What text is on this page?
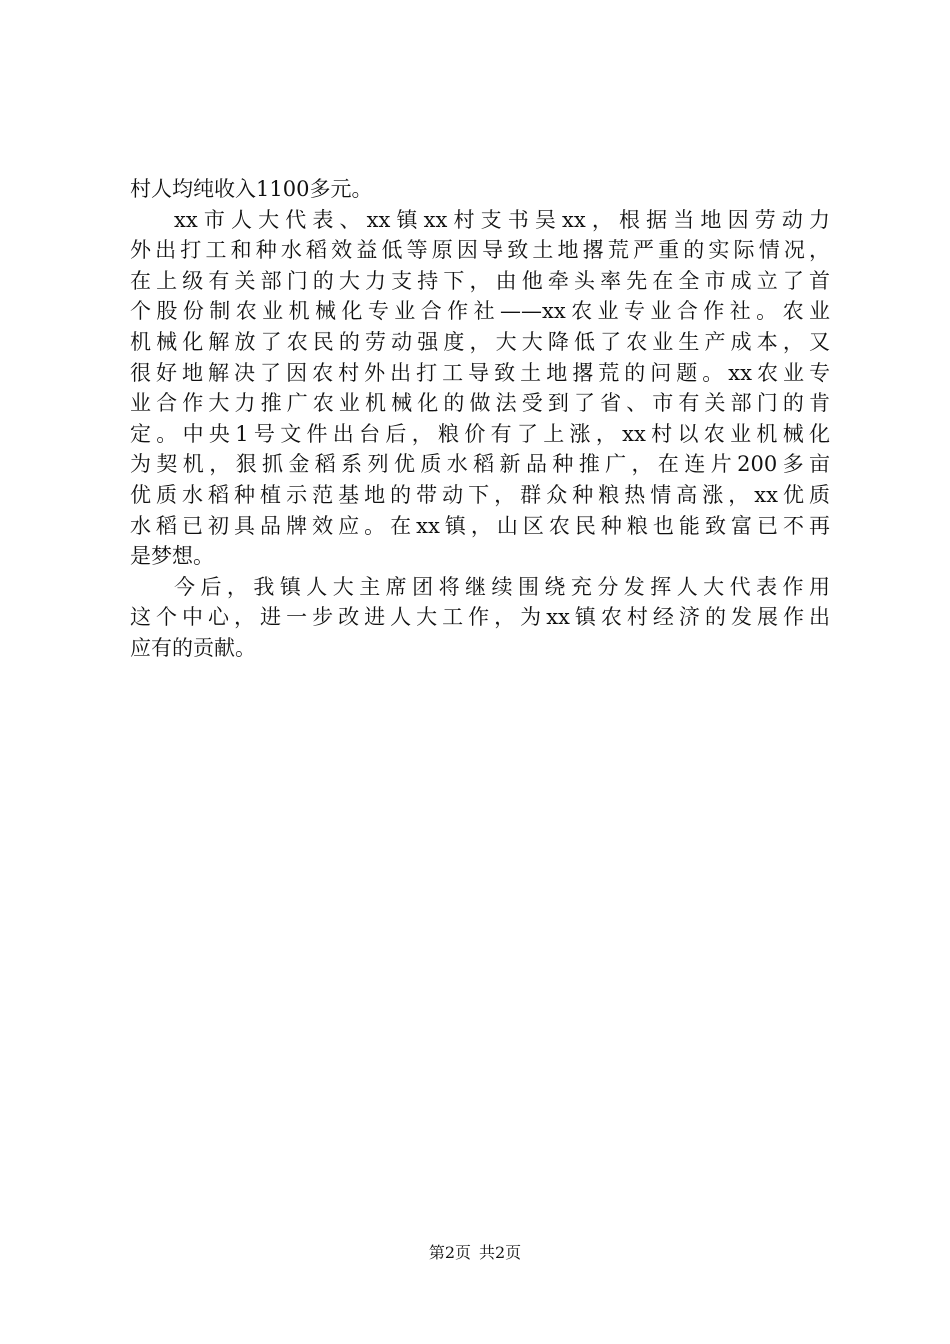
村人均纯收入1100多元。
xx市人大代表、xx镇xx村支书吴xx，根据当地因劳动力
外出打工和种水稻效益低等原因导致土地撂荒严重的实际情况，
在上级有关部门的大力支持下，由他牵头率先在全市成立了首
个股份制农业机械化专业合作社——xx农业专业合作社。农业
机械化解放了农民的劳动强度，大大降低了农业生产成本，又
很好地解决了因农村外出打工导致土地撂荒的问题。xx农业专
业合作大力推广农业机械化的做法受到了省、市有关部门的肯
定。中央1号文件出台后，粮价有了上涨，xx村以农业机械化
为契机，狠抓金稻系列优质水稻新品种推广，在连片200多亩
优质水稻种植示范基地的带动下，群众种粮热情高涨，xx优质
水稻已初具品牌效应。在xx镇，山区农民种粮也能致富已不再
是梦想。
今后，我镇人大主席团将继续围绕充分发挥人大代表作用
这个中心，进一步改进人大工作，为xx镇农村经济的发展作出
应有的贡献。
第2页 共2页
